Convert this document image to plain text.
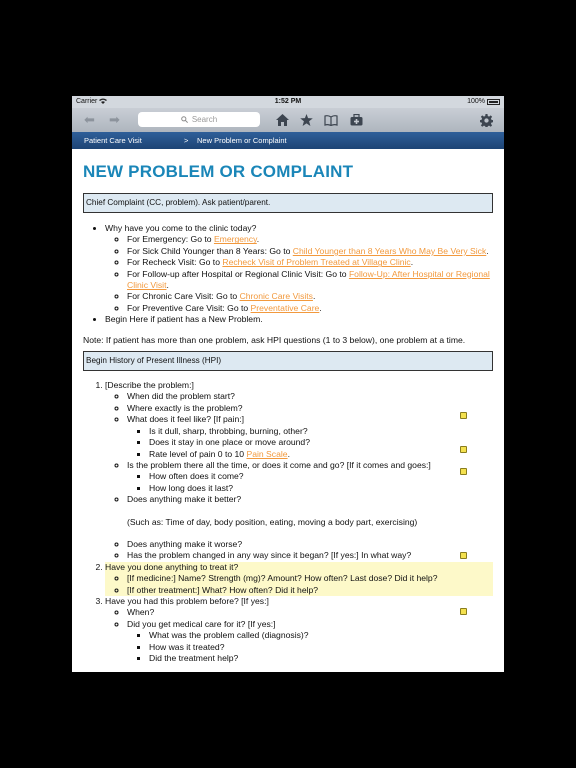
Carrier	1:52 PM	100%
⬅ ➡	Search
Patient Care Visit	> New Problem or Complaint
NEW PROBLEM OR COMPLAINT
Chief Complaint (CC, problem). Ask patient/parent.
• Why have you come to the clinic today?
◦ For Emergency: Go to Emergency.
◦ For Sick Child Younger than 8 Years: Go to Child Younger than 8 Years Who May Be Very Sick.
◦ For Recheck Visit: Go to Recheck Visit of Problem Treated at Village Clinic.
◦ For Follow-up after Hospital or Regional Clinic Visit: Go to Follow-Up: After Hospital or Regional Clinic Visit.
◦ For Chronic Care Visit: Go to Chronic Care Visits.
◦ For Preventive Care Visit: Go to Preventative Care.
• Begin Here if patient has a New Problem.
Note: If patient has more than one problem, ask HPI questions (1 to 3 below), one problem at a time.
Begin History of Present Illness (HPI)
1. [Describe the problem:]
◦ When did the problem start?
◦ Where exactly is the problem?
◦ What does it feel like? [If pain:]
▪ Is it dull, sharp, throbbing, burning, other?
▪ Does it stay in one place or move around?
▪ Rate level of pain 0 to 10 Pain Scale.
◦ Is the problem there all the time, or does it come and go? [If it comes and goes:]
▪ How often does it come?
▪ How long does it last?
◦ Does anything make it better?
(Such as: Time of day, body position, eating, moving a body part, exercising)
◦ Does anything make it worse?
◦ Has the problem changed in any way since it began? [If yes:] In what way?
2. Have you done anything to treat it?
◦ [If medicine:] Name? Strength (mg)? Amount? How often? Last dose? Did it help?
◦ [If other treatment:] What? How often? Did it help?
3. Have you had this problem before? [If yes:]
◦ When?
◦ Did you get medical care for it? [If yes:]
▪ What was the problem called (diagnosis)?
▪ How was it treated?
▪ Did the treatment help?
